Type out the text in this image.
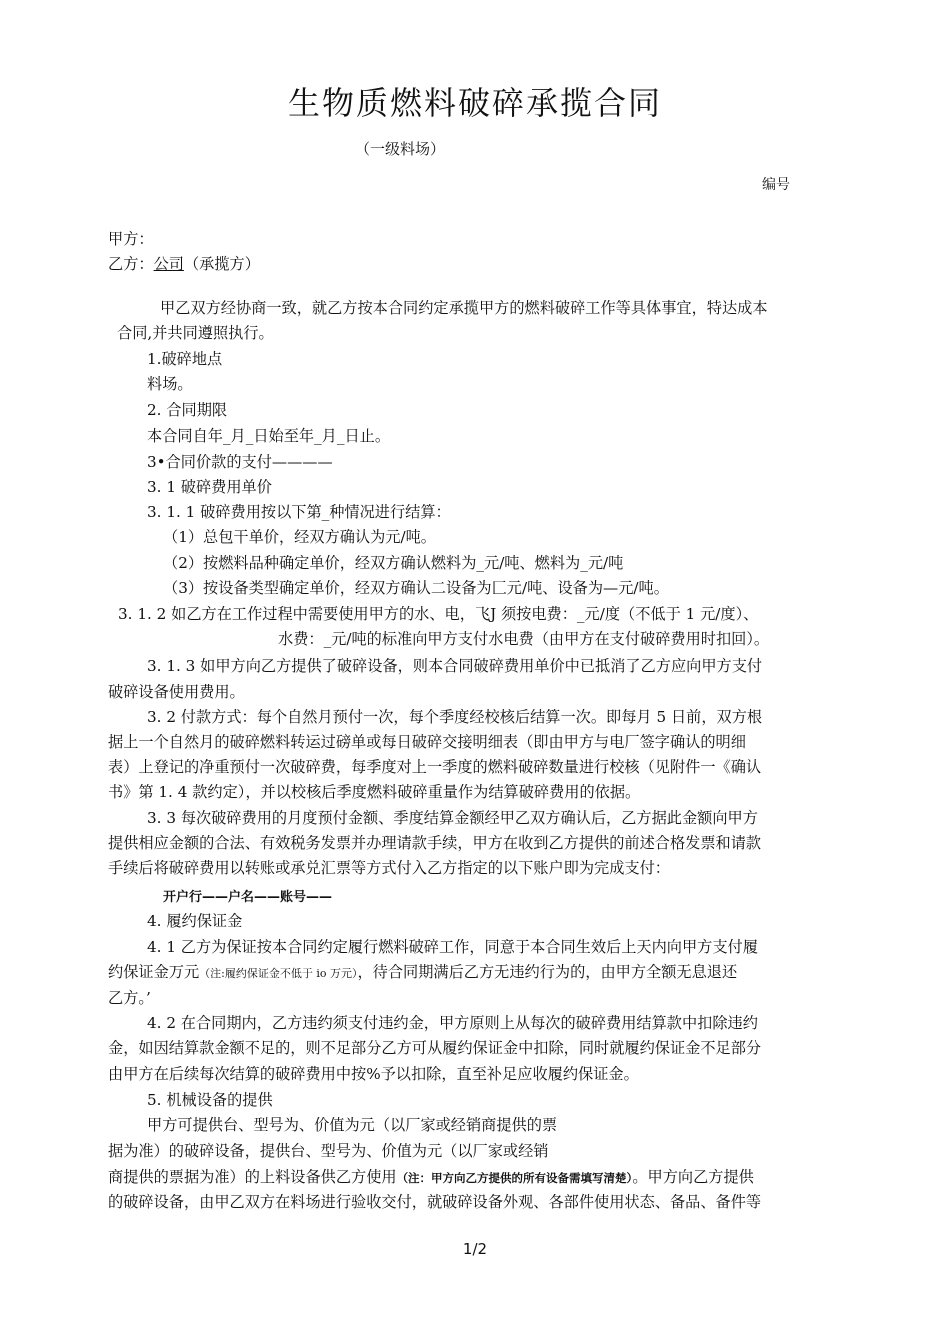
生物质燃料破碎承揽合同
（一级料场）
编号
甲方：
乙方：公司（承揽方）
甲乙双方经协商一致，就乙方按本合同约定承揽甲方的燃料破碎工作等具体事宜，特达成本
合同,并共同遵照执行。
1.破碎地点
料场。
2. 合同期限
本合同自年_月_日始至年_月_日止。
3•合同价款的支付————
3. 1 破碎费用单价
3. 1. 1 破碎费用按以下第_种情况进行结算：
（1）总包干单价，经双方确认为元/吨。
（2）按燃料品种确定单价，经双方确认燃料为_元/吨、燃料为_元/吨
（3）按设备类型确定单价，经双方确认二设备为匚元/吨、设备为—元/吨。
3. 1. 2 如乙方在工作过程中需要使用甲方的水、电，飞J 须按电费：_元/度（不低于 1 元/度）、
水费：_元/吨的标准向甲方支付水电费（由甲方在支付破碎费用时扣回）。
3. 1. 3 如甲方向乙方提供了破碎设备，则本合同破碎费用单价中已抵消了乙方应向甲方支付
破碎设备使用费用。
3. 2 付款方式：每个自然月预付一次，每个季度经校核后结算一次。即每月 5 日前，双方根
据上一个自然月的破碎燃料转运过磅单或每日破碎交接明细表（即由甲方与电厂签字确认的明细
表）上登记的净重预付一次破碎费，每季度对上一季度的燃料破碎数量进行校核（见附件一《确认
书》第 1. 4 款约定），并以校核后季度燃料破碎重量作为结算破碎费用的依据。
3. 3 每次破碎费用的月度预付金额、季度结算金额经甲乙双方确认后，乙方据此金额向甲方
提供相应金额的合法、有效税务发票并办理请款手续，甲方在收到乙方提供的前述合格发票和请款
手续后将破碎费用以转账或承兑汇票等方式付入乙方指定的以下账户即为完成支付：
开户行——户名——账号——
4. 履约保证金
4. 1 乙方为保证按本合同约定履行燃料破碎工作，同意于本合同生效后上天内向甲方支付履
约保证金万元（注:履约保证金不低于 io 万元），待合同期满后乙方无违约行为的，由甲方全额无息退还
乙方。’
4. 2 在合同期内，乙方违约须支付违约金，甲方原则上从每次的破碎费用结算款中扣除违约
金，如因结算款金额不足的，则不足部分乙方可从履约保证金中扣除，同时就履约保证金不足部分
由甲方在后续每次结算的破碎费用中按%予以扣除，直至补足应收履约保证金。
5. 机械设备的提供
甲方可提供台、型号为、价值为元（以厂家或经销商提供的票
据为准）的破碎设备，提供台、型号为、价值为元（以厂家或经销
商提供的票据为准）的上料设备供乙方使用（注：甲方向乙方提供的所有设备需填写清楚）。甲方向乙方提供
的破碎设备，由甲乙双方在料场进行验收交付，就破碎设备外观、各部件使用状态、备品、备件等
1/2
